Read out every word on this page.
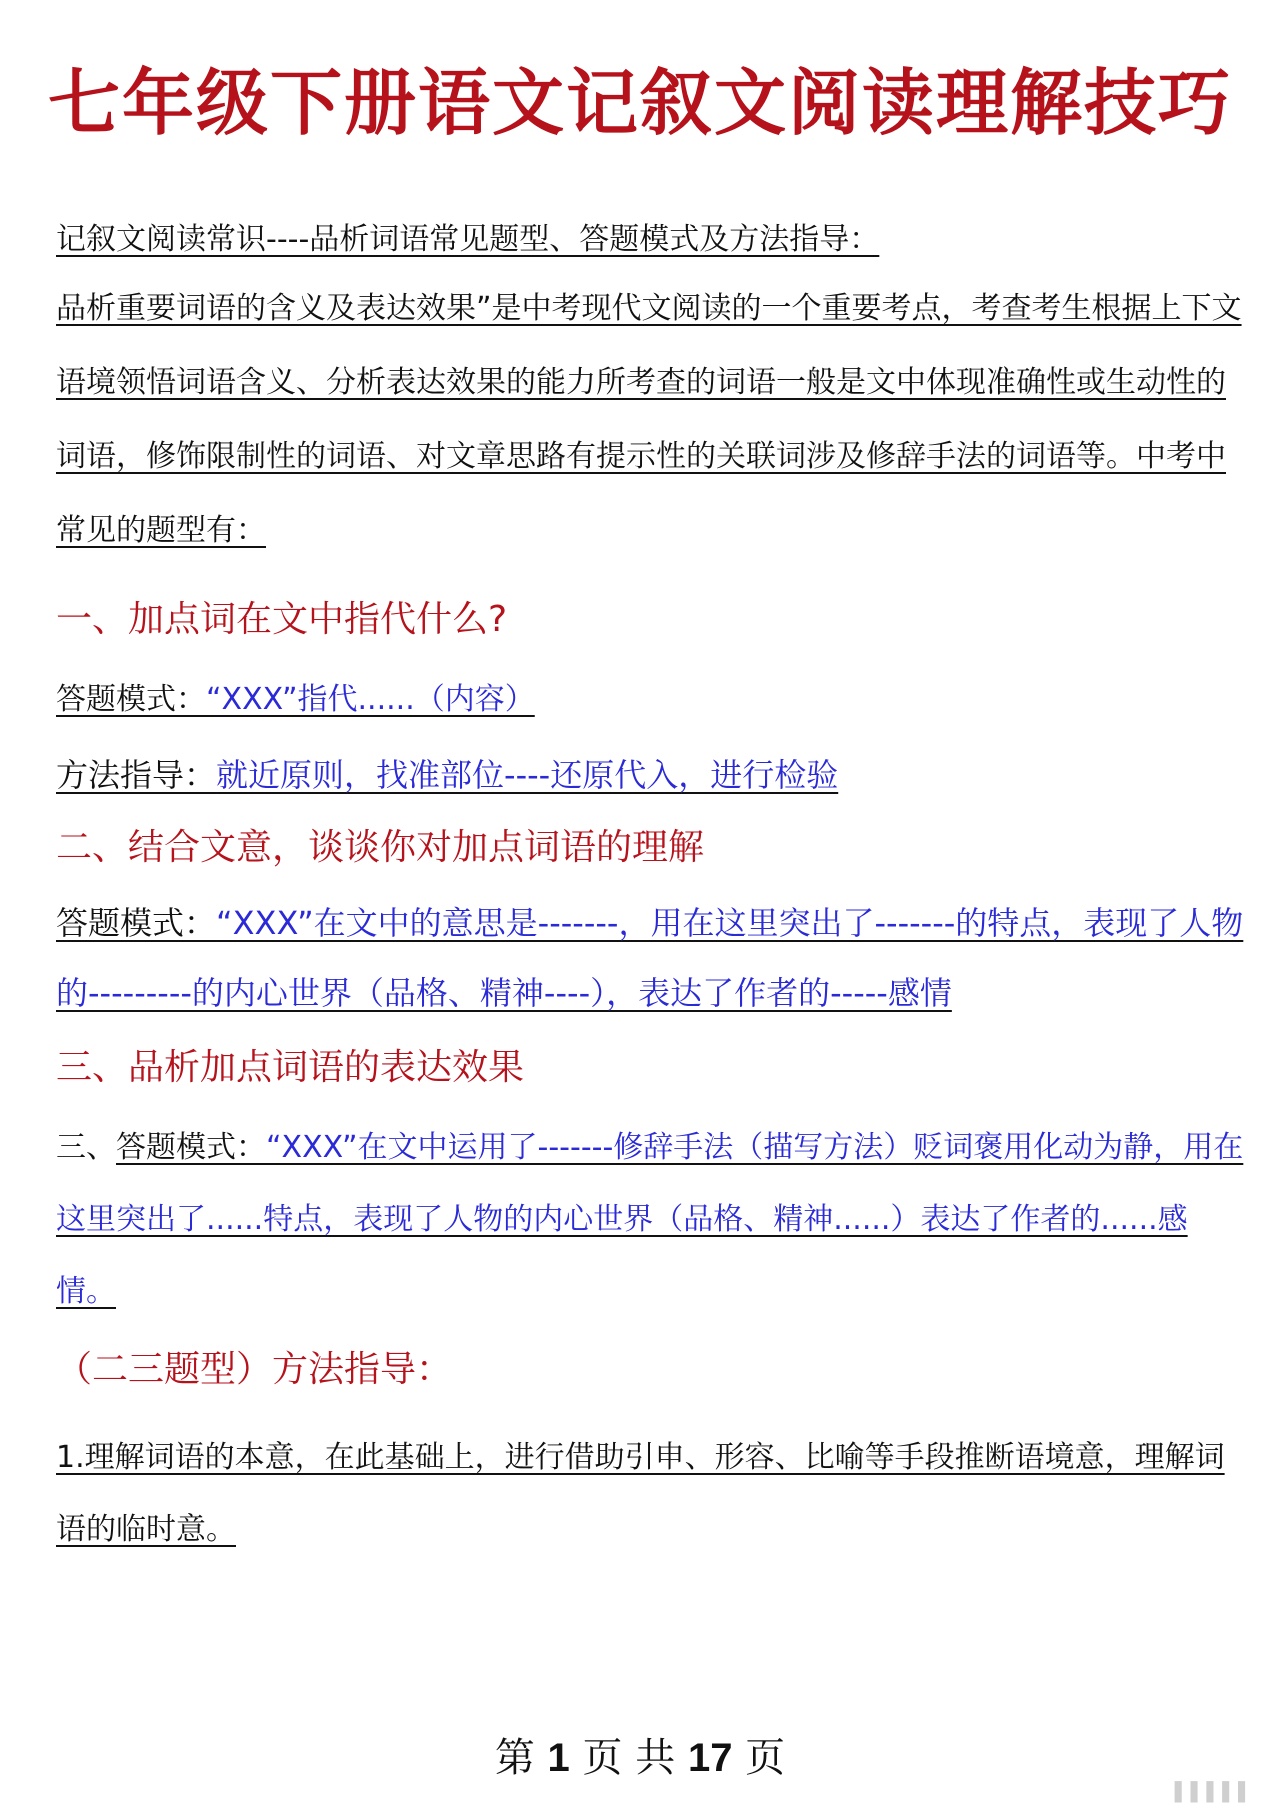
七年级下册语文记叙文阅读理解技巧

记叙文阅读常识----品析词语常见题型、答题模式及方法指导：

品析重要词语的含义及表达效果”是中考现代文阅读的一个重要考点，考查考生根据上下文语境领悟词语含义、分析表达效果的能力所考查的词语一般是文中体现准确性或生动性的词语，修饰限制性的词语、对文章思路有提示性的关联词涉及修辞手法的词语等。中考中常见的题型有：

一、加点词在文中指代什么?

答题模式：“XXX”指代......（内容）

方法指导：就近原则，找准部位----还原代入，进行检验

二、结合文意，谈谈你对加点词语的理解

答题模式：“XXX”在文中的意思是-------，用在这里突出了-------的特点，表现了人物的---------的内心世界（品格、精神----），表达了作者的-----感情

三、品析加点词语的表达效果

三、答题模式：“XXX”在文中运用了-------修辞手法（描写方法）贬词褒用化动为静，用在这里突出了......特点，表现了人物的内心世界（品格、精神......）表达了作者的......感情。

（二三题型）方法指导：

1.理解词语的本意，在此基础上，进行借助引申、形容、比喻等手段推断语境意，理解词语的临时意。

第 1 页 共 17 页
▌▌▌▌▌
